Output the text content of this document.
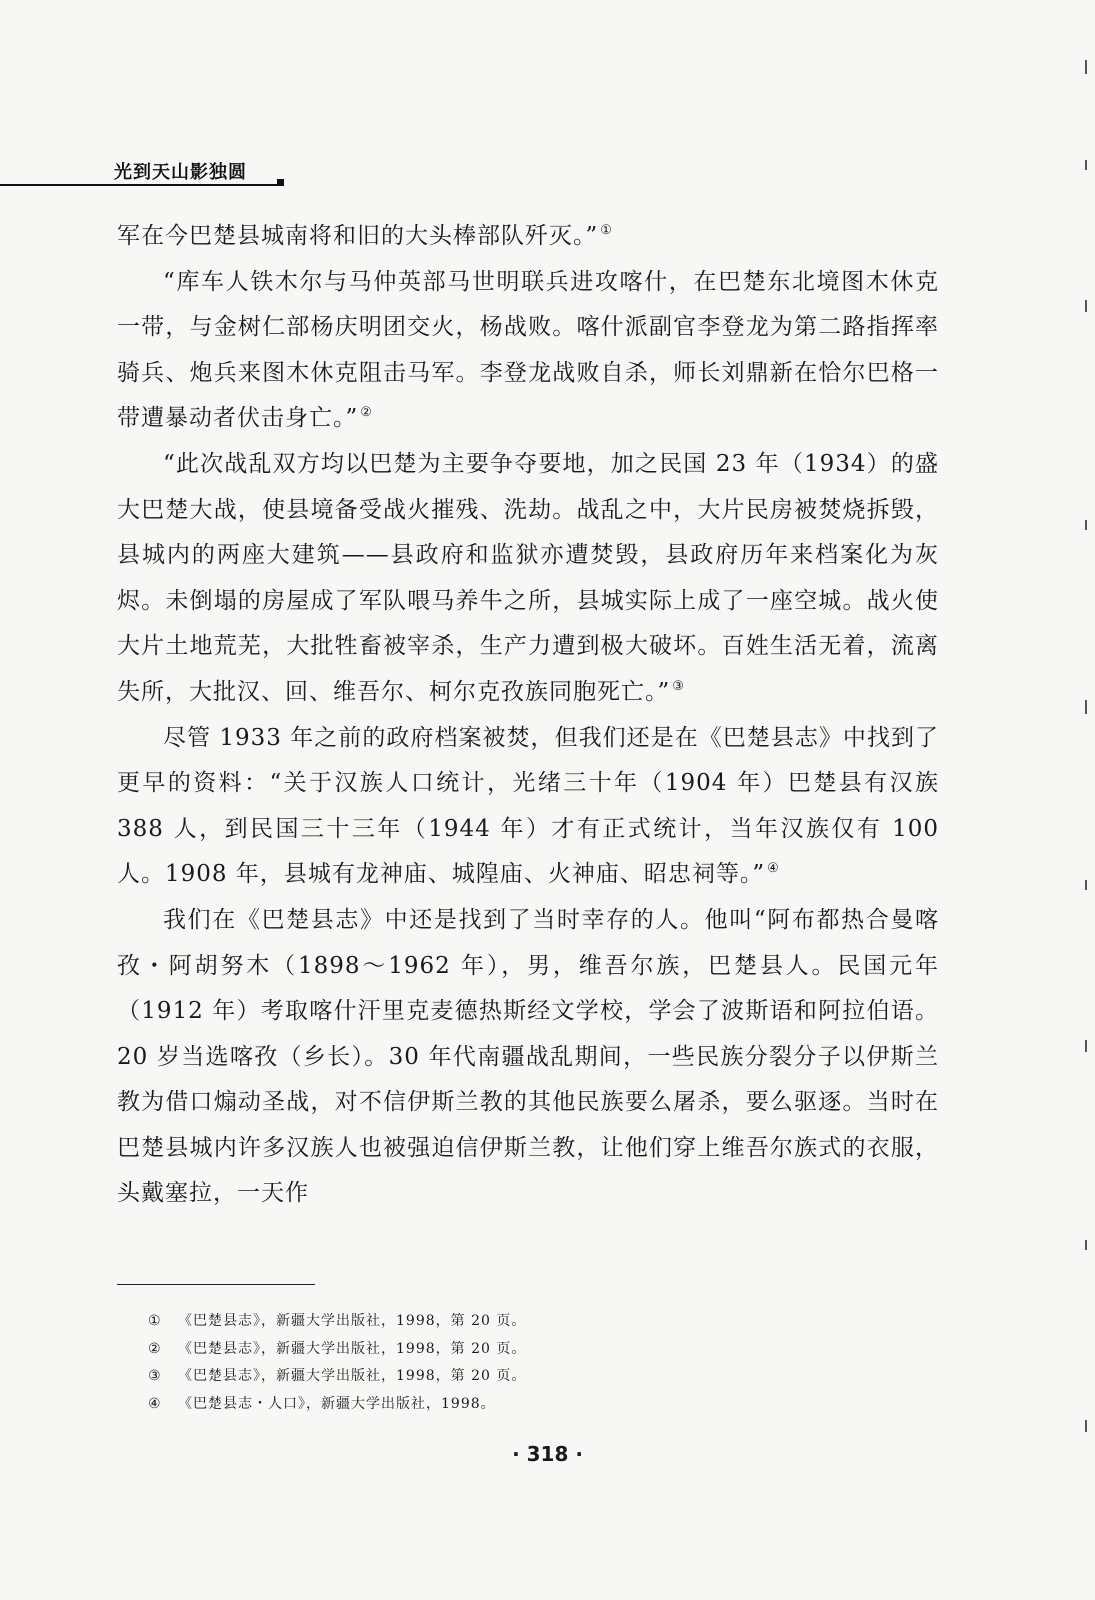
光到天山影独圆

军在今巴楚县城南将和旧的大头棒部队歼灭。” ①

“库车人铁木尔与马仲英部马世明联兵进攻喀什，在巴楚东北境图木休克一带，与金树仁部杨庆明团交火，杨战败。喀什派副官李登龙为第二路指挥率骑兵、炮兵来图木休克阻击马军。李登龙战败自杀，师长刘鼎新在恰尔巴格一带遭暴动者伏击身亡。” ②

“此次战乱双方均以巴楚为主要争夺要地，加之民国 23 年（1934）的盛大巴楚大战，使县境备受战火摧残、洗劫。战乱之中，大片民房被焚烧拆毁，县城内的两座大建筑——县政府和监狱亦遭焚毁，县政府历年来档案化为灰烬。未倒塌的房屋成了军队喂马养牛之所，县城实际上成了一座空城。战火使大片土地荒芜，大批牲畜被宰杀，生产力遭到极大破坏。百姓生活无着，流离失所，大批汉、回、维吾尔、柯尔克孜族同胞死亡。” ③

尽管 1933 年之前的政府档案被焚，但我们还是在《巴楚县志》中找到了更早的资料：“关于汉族人口统计，光绪三十年（1904 年）巴楚县有汉族 388 人，到民国三十三年（1944 年）才有正式统计，当年汉族仅有 100 人。1908 年，县城有龙神庙、城隍庙、火神庙、昭忠祠等。” ④

我们在《巴楚县志》中还是找到了当时幸存的人。他叫“阿布都热合曼喀孜・阿胡努木（1898～1962 年），男，维吾尔族，巴楚县人。民国元年（1912 年）考取喀什汗里克麦德热斯经文学校，学会了波斯语和阿拉伯语。20 岁当选喀孜（乡长）。30 年代南疆战乱期间，一些民族分裂分子以伊斯兰教为借口煽动圣战，对不信伊斯兰教的其他民族要么屠杀，要么驱逐。当时在巴楚县城内许多汉族人也被强迫信伊斯兰教，让他们穿上维吾尔族式的衣服，头戴塞拉，一天作

① 《巴楚县志》，新疆大学出版社，1998，第 20 页。
② 《巴楚县志》，新疆大学出版社，1998，第 20 页。
③ 《巴楚县志》，新疆大学出版社，1998，第 20 页。
④ 《巴楚县志・人口》，新疆大学出版社，1998。
· 318 ·
